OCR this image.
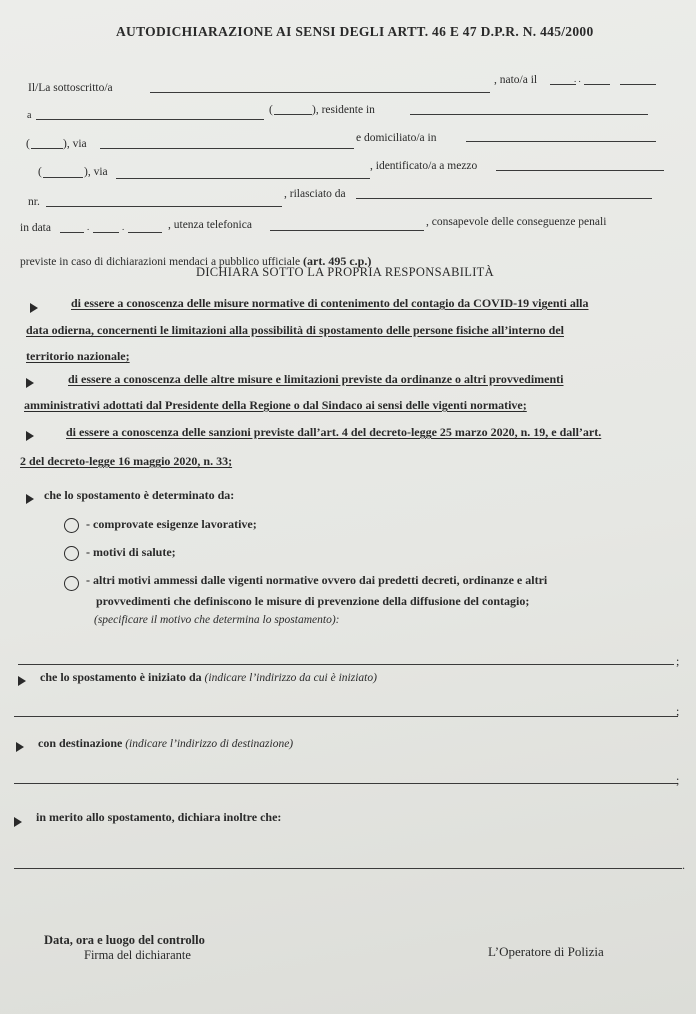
AUTODICHIARAZIONE AI SENSI DEGLI ARTT. 46 E 47 D.P.R. N. 445/2000
Il/La sottoscritto/a
, nato/a il	. .
a	(	), residente in
(	), via	e domiciliato/a in
(	), via	, identificato/a a mezzo
nr.
, rilasciato da
in data	.	.	, utenza telefonica	, consapevole delle conseguenze penali
previste in caso di dichiarazioni mendaci a pubblico ufficiale (art. 495 c.p.)
DICHIARA SOTTO LA PROPRIA RESPONSABILITÀ
di essere a conoscenza delle misure normative di contenimento del contagio da COVID-19 vigenti alla
data odierna, concernenti le limitazioni alla possibilità di spostamento delle persone fisiche all’interno del
territorio nazionale;
di essere a conoscenza delle altre misure e limitazioni previste da ordinanze o altri provvedimenti
amministrativi adottati dal Presidente della Regione o dal Sindaco ai sensi delle vigenti normative;
di essere a conoscenza delle sanzioni previste dall’art. 4 del decreto-legge 25 marzo 2020, n. 19, e dall’art.
2 del decreto-legge 16 maggio 2020, n. 33;
che lo spostamento è determinato da:
- comprovate esigenze lavorative;
- motivi di salute;
- altri motivi ammessi dalle vigenti normative ovvero dai predetti decreti, ordinanze e altri
provvedimenti che definiscono le misure di prevenzione della diffusione del contagio;
(specificare il motivo che determina lo spostamento):
;
che lo spostamento è iniziato da (indicare l’indirizzo da cui è iniziato)
;
con destinazione (indicare l’indirizzo di destinazione)
;
in merito allo spostamento, dichiara inoltre che:
.
Data, ora e luogo del controllo
Firma del dichiarante	L’Operatore di Polizia
